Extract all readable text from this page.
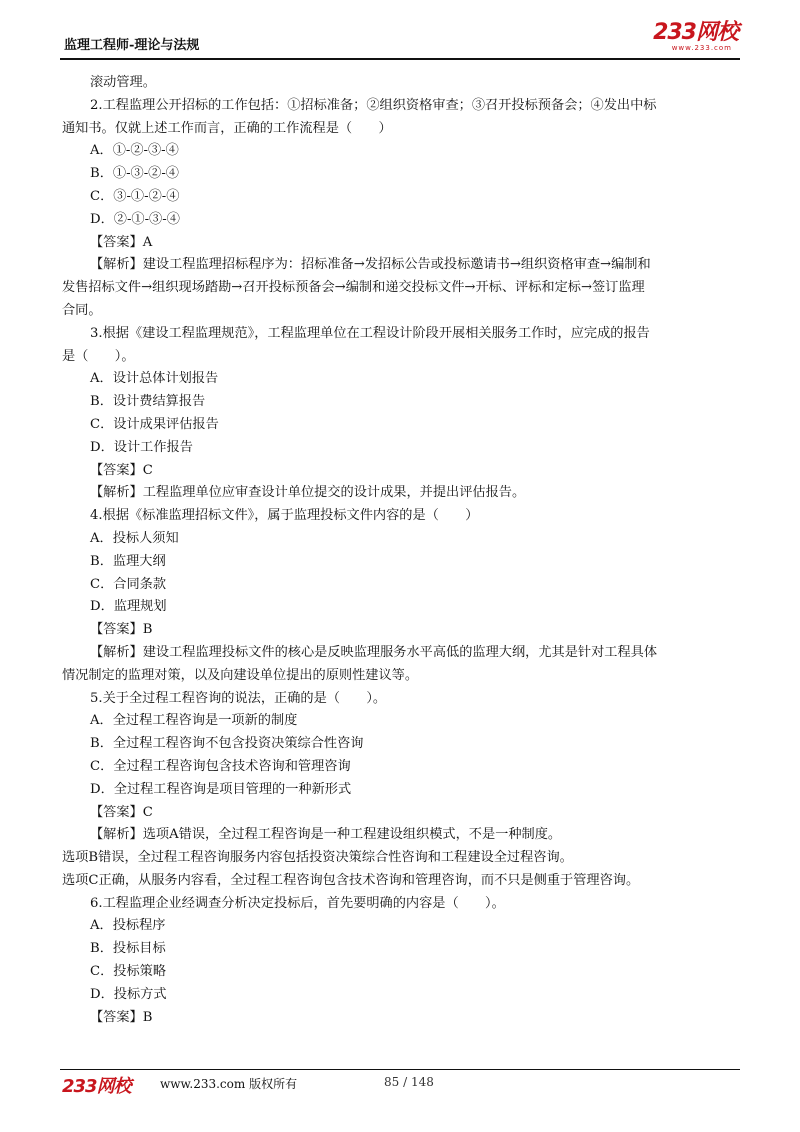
监理工程师-理论与法规
233网校
www.233.com
滚动管理。
2.工程监理公开招标的工作包括：①招标准备；②组织资格审查；③召开投标预备会；④发出中标
通知书。仅就上述工作而言，正确的工作流程是（　　）
A．①-②-③-④
B．①-③-②-④
C．③-①-②-④
D．②-①-③-④
【答案】A
【解析】建设工程监理招标程序为：招标准备→发招标公告或投标邀请书→组织资格审查→编制和
发售招标文件→组织现场踏勘→召开投标预备会→编制和递交投标文件→开标、评标和定标→签订监理
合同。
3.根据《建设工程监理规范》，工程监理单位在工程设计阶段开展相关服务工作时，应完成的报告
是（　　）。
A．设计总体计划报告
B．设计费结算报告
C．设计成果评估报告
D．设计工作报告
【答案】C
【解析】工程监理单位应审查设计单位提交的设计成果，并提出评估报告。
4.根据《标准监理招标文件》，属于监理投标文件内容的是（　　）
A．投标人须知
B．监理大纲
C．合同条款
D．监理规划
【答案】B
【解析】建设工程监理投标文件的核心是反映监理服务水平高低的监理大纲，尤其是针对工程具体
情况制定的监理对策，以及向建设单位提出的原则性建议等。
5.关于全过程工程咨询的说法，正确的是（　　）。
A．全过程工程咨询是一项新的制度
B．全过程工程咨询不包含投资决策综合性咨询
C．全过程工程咨询包含技术咨询和管理咨询
D．全过程工程咨询是项目管理的一种新形式
【答案】C
【解析】选项A错误，全过程工程咨询是一种工程建设组织模式，不是一种制度。
选项B错误，全过程工程咨询服务内容包括投资决策综合性咨询和工程建设全过程咨询。
选项C正确，从服务内容看，全过程工程咨询包含技术咨询和管理咨询，而不只是侧重于管理咨询。
6.工程监理企业经调查分析决定投标后，首先要明确的内容是（　　）。
A．投标程序
B．投标目标
C．投标策略
D．投标方式
【答案】B
233网校 www.233.com 版权所有	85 / 148
